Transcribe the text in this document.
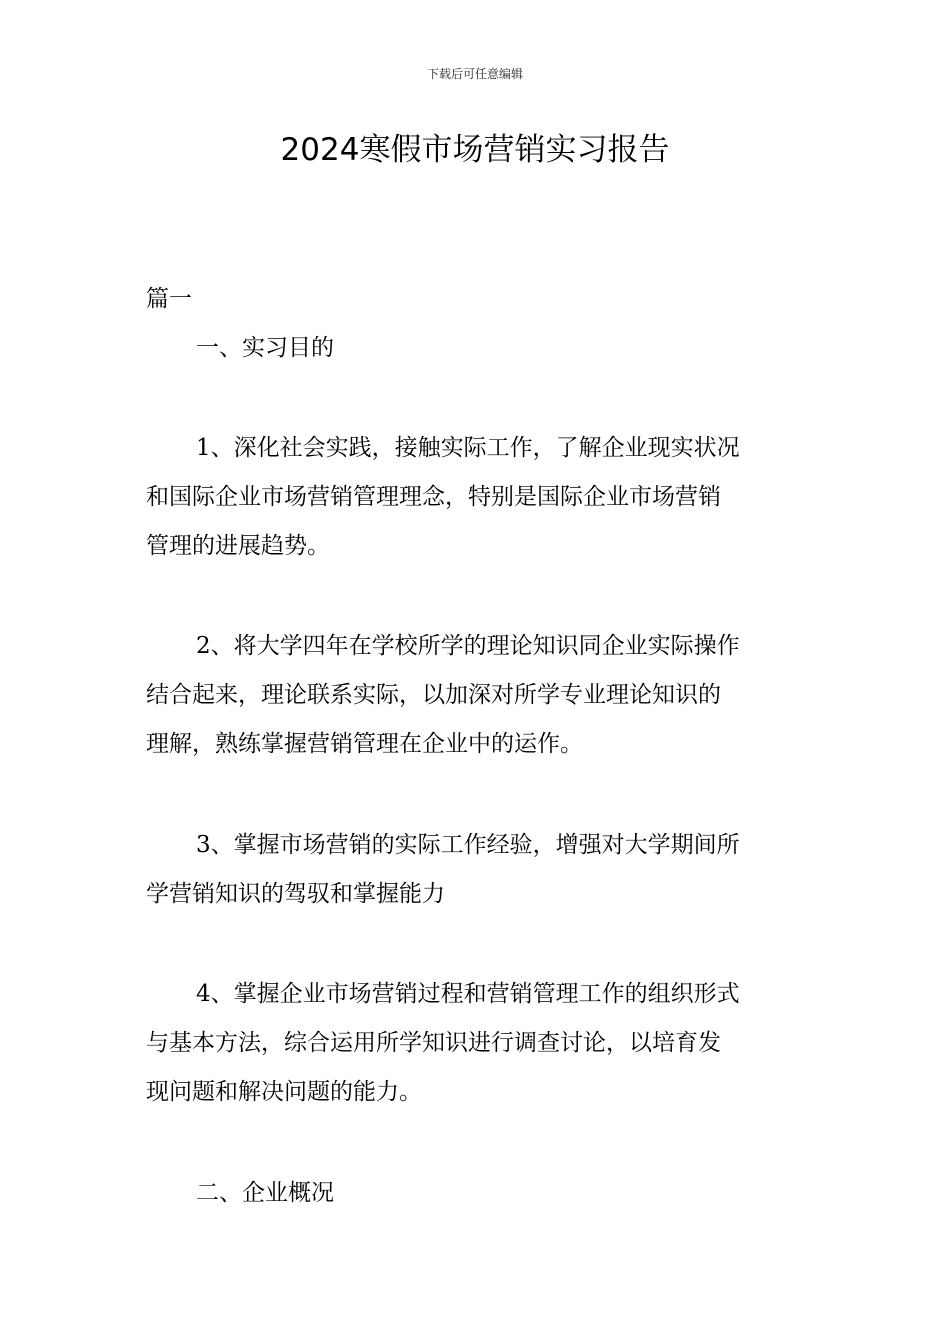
下载后可任意编辑
2024寒假市场营销实习报告

篇一

一、实习目的

1、深化社会实践，接触实际工作，了解企业现实状况
和国际企业市场营销管理理念，特别是国际企业市场营销
管理的进展趋势。

2、将大学四年在学校所学的理论知识同企业实际操作
结合起来，理论联系实际，以加深对所学专业理论知识的
理解，熟练掌握营销管理在企业中的运作。

3、掌握市场营销的实际工作经验，增强对大学期间所
学营销知识的驾驭和掌握能力

4、掌握企业市场营销过程和营销管理工作的组织形式
与基本方法，综合运用所学知识进行调查讨论，以培育发
现问题和解决问题的能力。

二、企业概况
